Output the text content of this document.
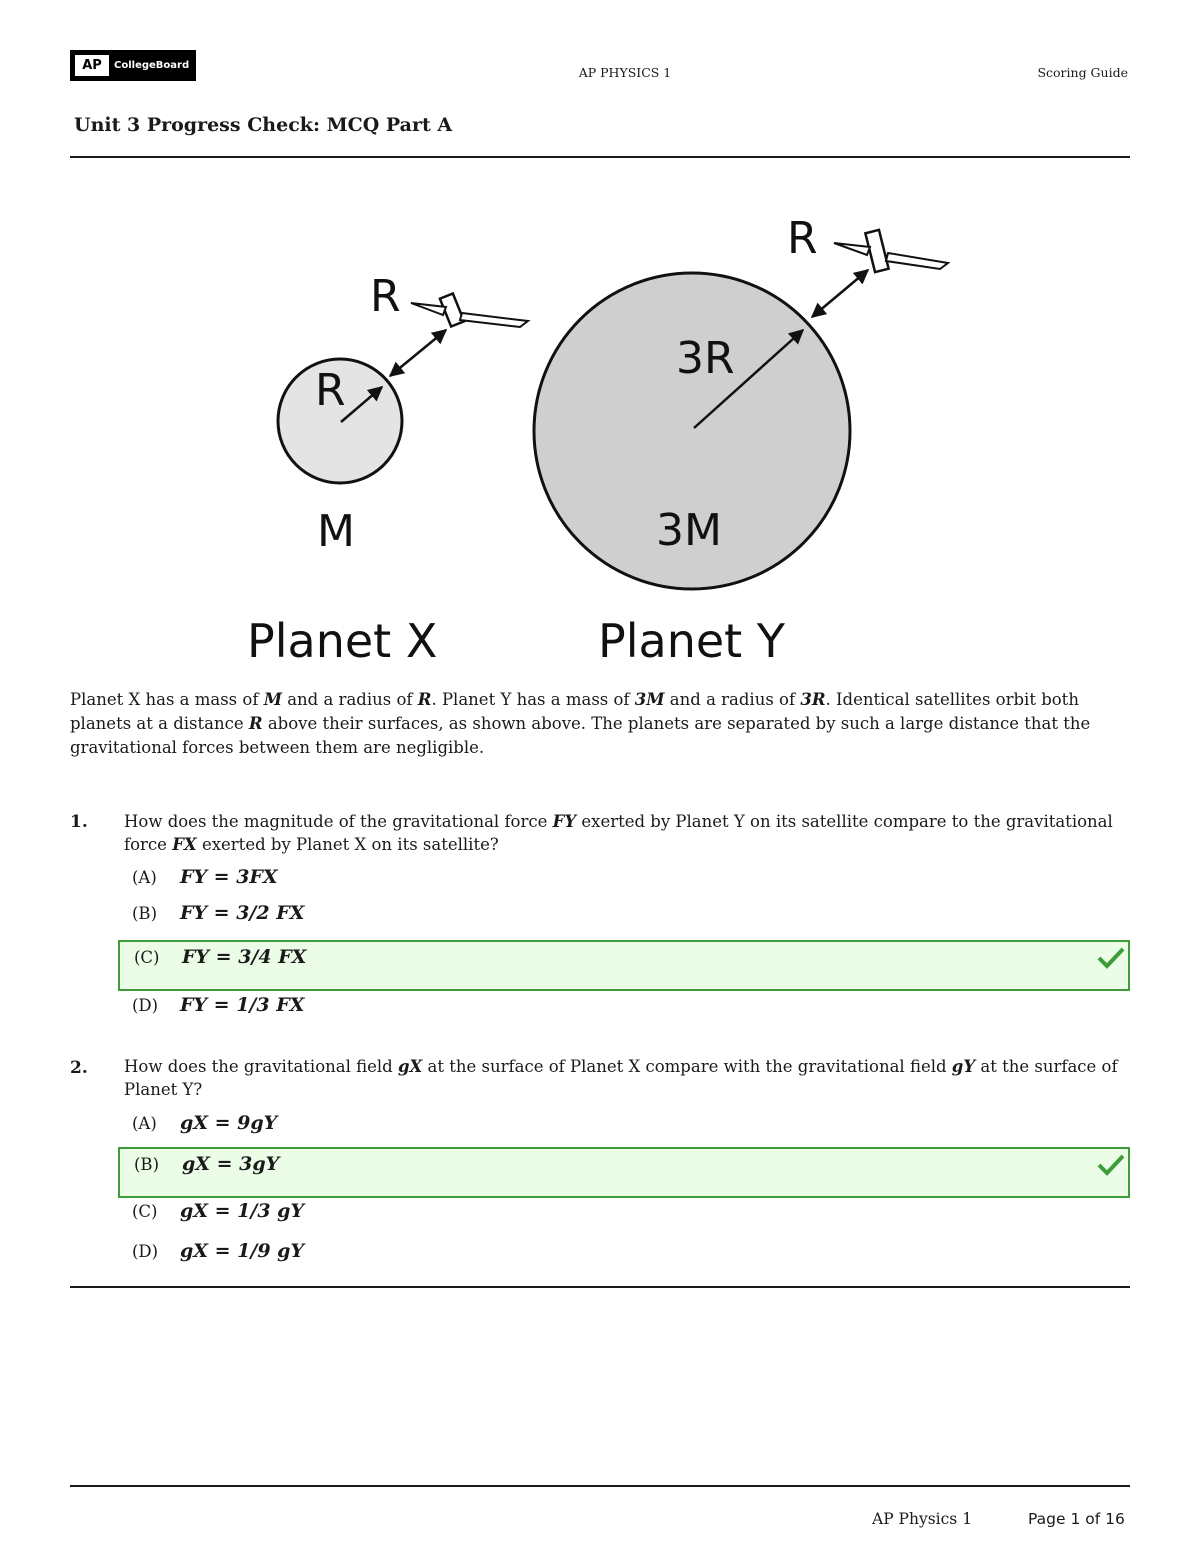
AP	CollegeBoard	AP PHYSICS 1	Scoring Guide
Unit 3 Progress Check: MCQ Part A
R
R
M
Planet X
3R
R
3M
Planet Y
Planet X has a mass of M and a radius of R. Planet Y has a mass of 3M and a radius of 3R. Identical satellites orbit both planets at a distance R above their surfaces, as shown above. The planets are separated by such a large distance that the gravitational forces between them are negligible.
1. How does the magnitude of the gravitational force FY exerted by Planet Y on its satellite compare to the gravitational force FX exerted by Planet X on its satellite?
(A) FY = 3FX
(B) FY = 3/2 FX
(C) FY = 3/4 FX
(D) FY = 1/3 FX
2. How does the gravitational field gX at the surface of Planet X compare with the gravitational field gY at the surface of Planet Y?
(A) gX = 9gY
(B) gX = 3gY
(C) gX = 1/3 gY
(D) gX = 1/9 gY
AP Physics 1	Page 1 of 16
